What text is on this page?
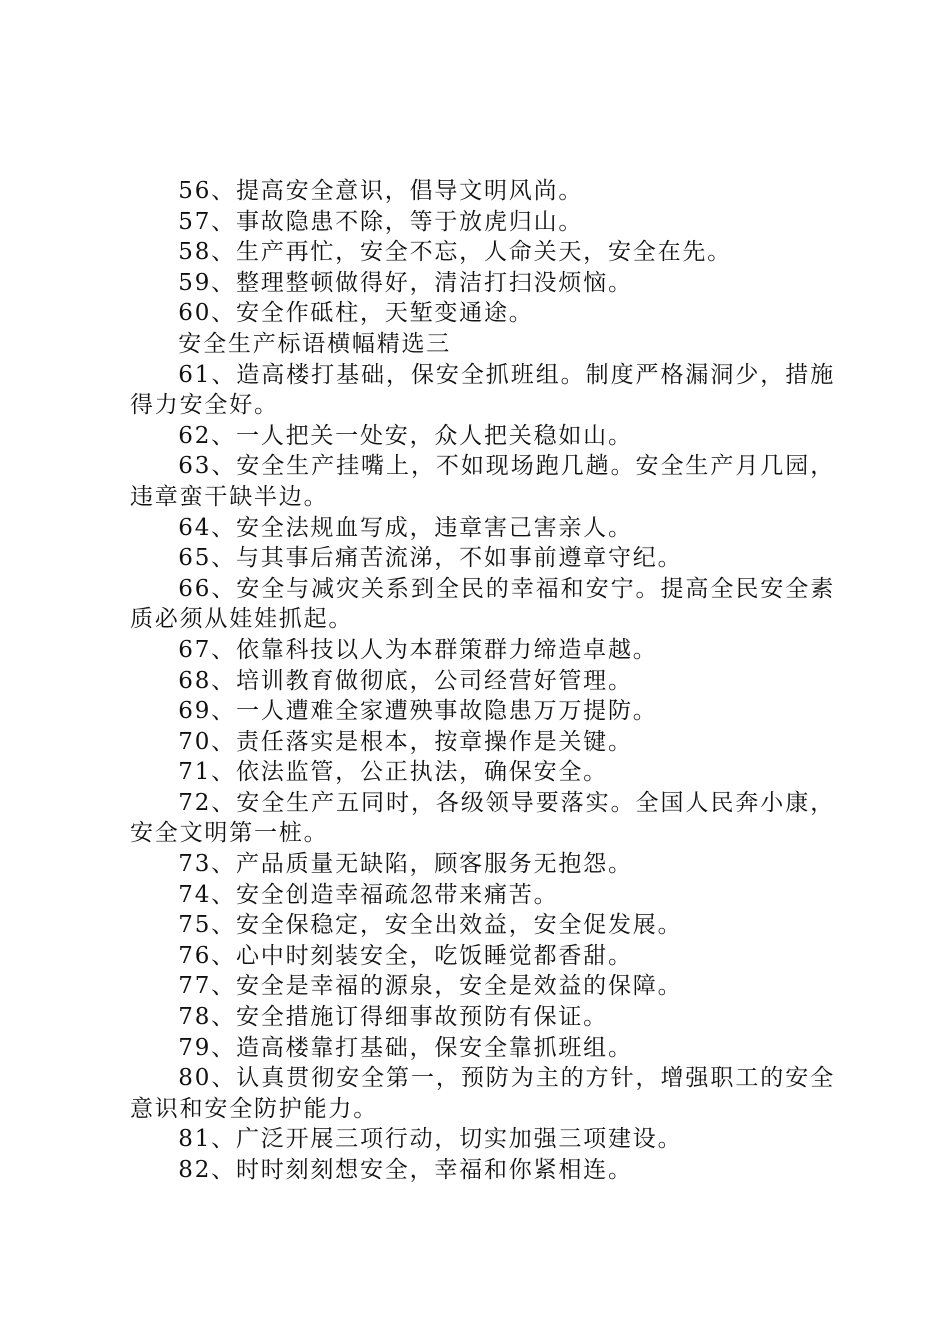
56、提高安全意识，倡导文明风尚。

57、事故隐患不除，等于放虎归山。

58、生产再忙，安全不忘，人命关天，安全在先。

59、整理整顿做得好，清洁打扫没烦恼。

60、安全作砥柱，天堑变通途。

安全生产标语横幅精选三

61、造高楼打基础，保安全抓班组。制度严格漏洞少，措施得力安全好。

62、一人把关一处安，众人把关稳如山。

63、安全生产挂嘴上，不如现场跑几趟。安全生产月几园，违章蛮干缺半边。

64、安全法规血写成，违章害己害亲人。

65、与其事后痛苦流涕，不如事前遵章守纪。

66、安全与减灾关系到全民的幸福和安宁。提高全民安全素质必须从娃娃抓起。

67、依靠科技以人为本群策群力缔造卓越。

68、培训教育做彻底，公司经营好管理。

69、一人遭难全家遭殃事故隐患万万提防。

70、责任落实是根本，按章操作是关键。

71、依法监管，公正执法，确保安全。

72、安全生产五同时，各级领导要落实。全国人民奔小康，安全文明第一桩。

73、产品质量无缺陷，顾客服务无抱怨。

74、安全创造幸福疏忽带来痛苦。

75、安全保稳定，安全出效益，安全促发展。

76、心中时刻装安全，吃饭睡觉都香甜。

77、安全是幸福的源泉，安全是效益的保障。

78、安全措施订得细事故预防有保证。

79、造高楼靠打基础，保安全靠抓班组。

80、认真贯彻安全第一，预防为主的方针，增强职工的安全意识和安全防护能力。

81、广泛开展三项行动，切实加强三项建设。

82、时时刻刻想安全，幸福和你紧相连。
